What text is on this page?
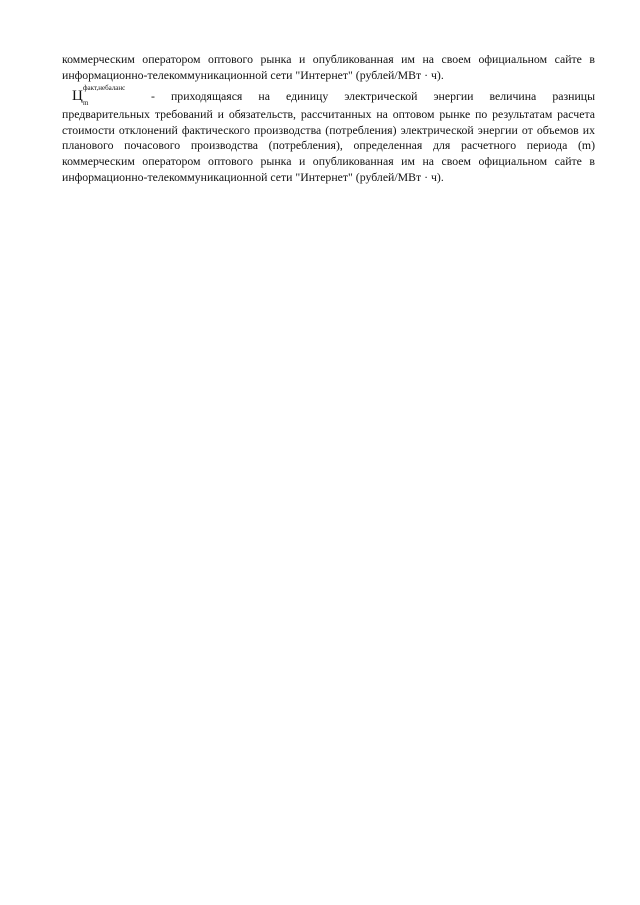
коммерческим оператором оптового рынка и опубликованная им на своем официальном сайте в информационно-телекоммуникационной сети "Интернет" (рублей/МВт · ч).

Ц факт,небаланс
m	- приходящаяся на единицу электрической энергии величина разницы

предварительных требований и обязательств, рассчитанных на оптовом рынке по результатам расчета стоимости отклонений фактического производства (потребления) электрической энергии от объемов их планового почасового производства (потребления), определенная для расчетного периода (m) коммерческим оператором оптового рынка и опубликованная им на своем официальном сайте в информационно-телекоммуникационной сети "Интернет" (рублей/МВт · ч).
